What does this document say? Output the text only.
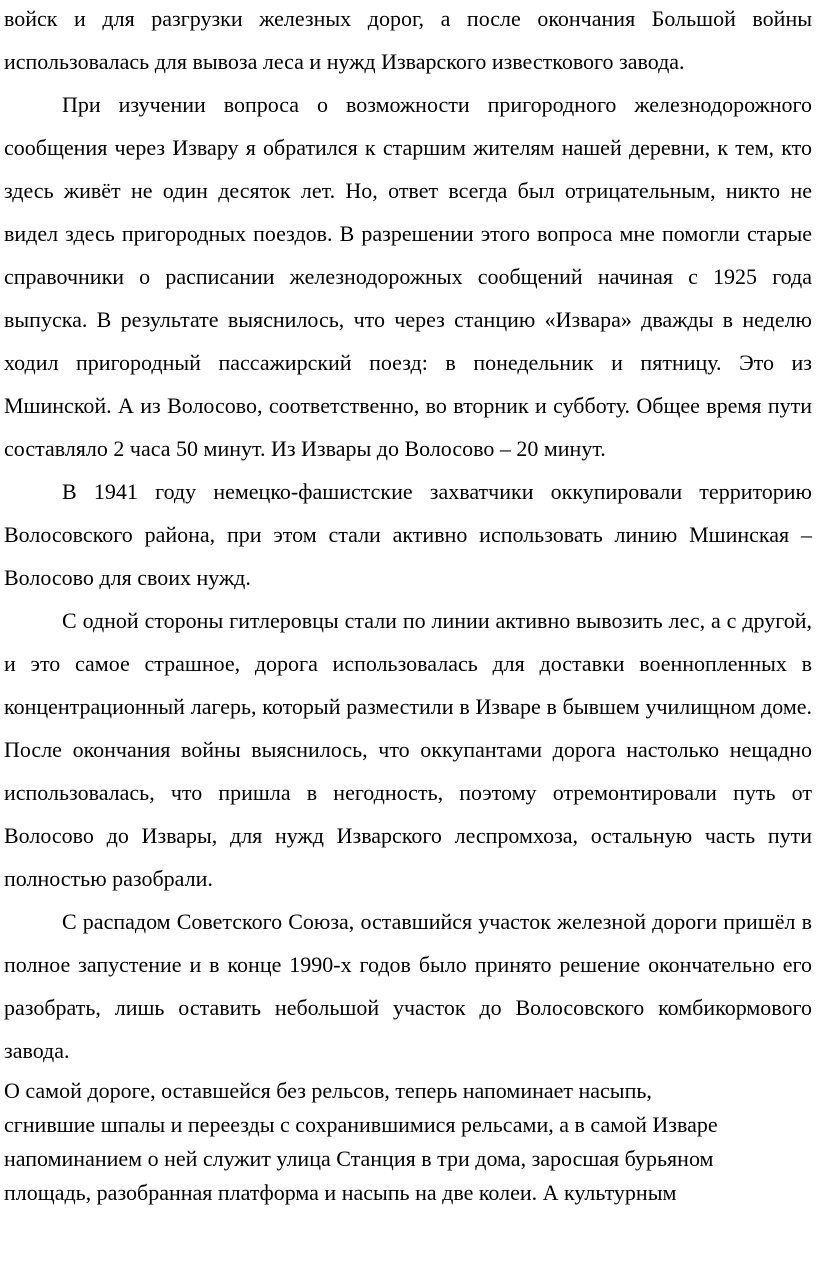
войск и для разгрузки железных дорог, а после окончания Большой войны использовалась для вывоза леса и нужд Изварского известкового завода.

При изучении вопроса о возможности пригородного железнодорожного сообщения через Извару я обратился к старшим жителям нашей деревни, к тем, кто здесь живёт не один десяток лет. Но, ответ всегда был отрицательным, никто не видел здесь пригородных поездов. В разрешении этого вопроса мне помогли старые справочники о расписании железнодорожных сообщений начиная с 1925 года выпуска. В результате выяснилось, что через станцию «Извара» дважды в неделю ходил пригородный пассажирский поезд: в понедельник и пятницу. Это из Мшинской. А из Волосово, соответственно, во вторник и субботу. Общее время пути составляло 2 часа 50 минут. Из Извары до Волосово – 20 минут.

В 1941 году немецко-фашистские захватчики оккупировали территорию Волосовского района, при этом стали активно использовать линию Мшинская – Волосово для своих нужд.

С одной стороны гитлеровцы стали по линии активно вывозить лес, а с другой, и это самое страшное, дорога использовалась для доставки военнопленных в концентрационный лагерь, который разместили в Изваре в бывшем училищном доме. После окончания войны выяснилось, что оккупантами дорога настолько нещадно использовалась, что пришла в негодность, поэтому отремонтировали путь от Волосово до Извары, для нужд Изварского леспромхоза, остальную часть пути полностью разобрали.

С распадом Советского Союза, оставшийся участок железной дороги пришёл в полное запустение и в конце 1990-х годов было принято решение окончательно его разобрать, лишь оставить небольшой участок до Волосовского комбикормового завода.

О самой дороге, оставшейся без рельсов, теперь напоминает насыпь,
сгнившие шпалы и переезды с сохранившимися рельсами, а в самой Изваре
напоминанием о ней служит улица Станция в три дома, заросшая бурьяном
площадь, разобранная платформа и насыпь на две колеи. А культурным
